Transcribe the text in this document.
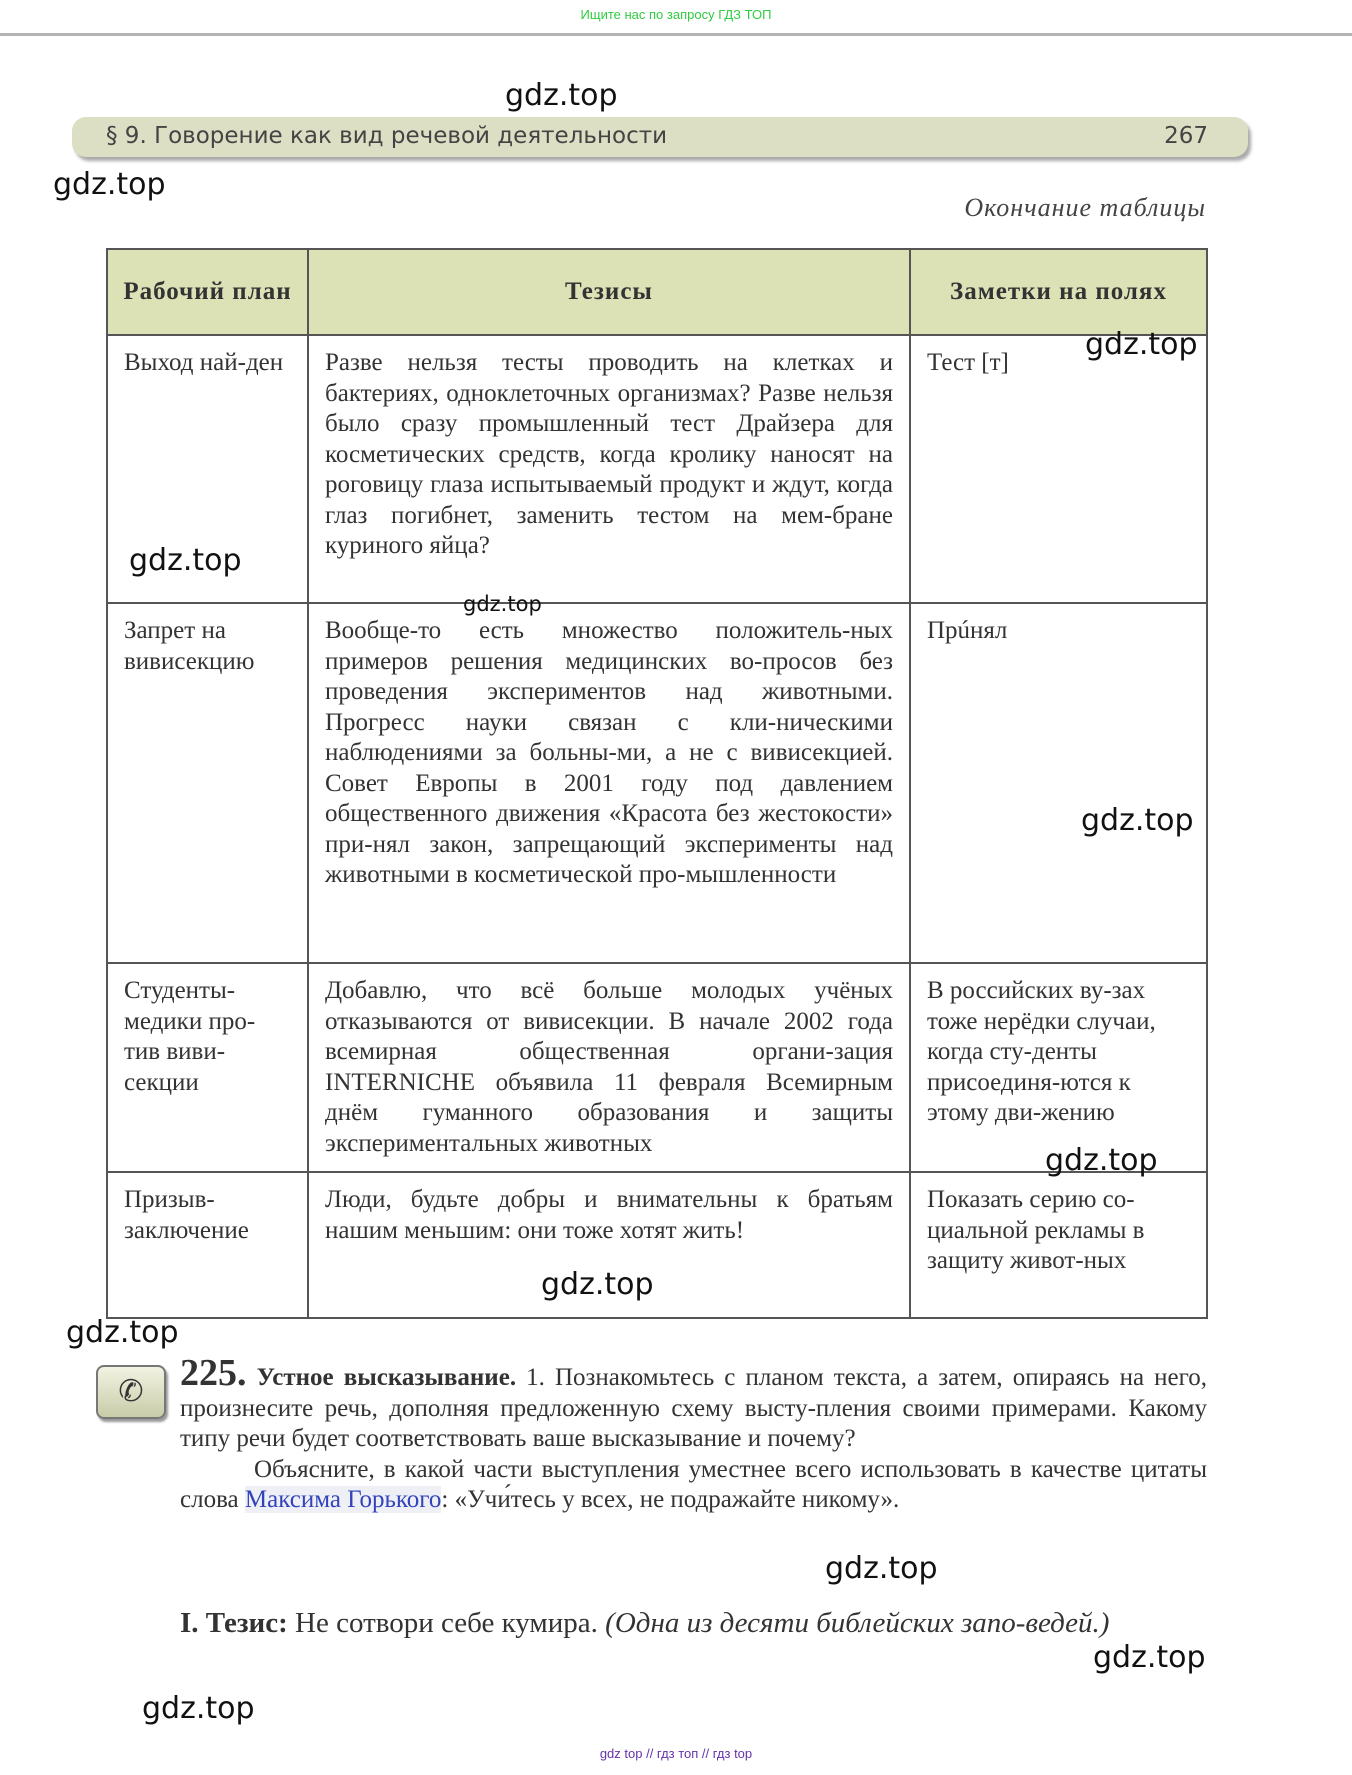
Ищите нас по запросу ГДЗ ТОП
§ 9. Говорение как вид речевой деятельности	267
Окончание таблицы
Рабочий план	Тезисы	Заметки на полях
Выход най-ден	Разве нельзя тесты проводить на клетках и бактериях, одноклеточных организмах? Разве нельзя было сразу промышленный тест Драйзера для косметических средств, когда кролику наносят на роговицу глаза испытываемый продукт и ждут, когда глаз погибнет, заменить тестом на мем-бране куриного яйца?	Тест [т]
Запрет на вивисекцию	Вообще-то есть множество положитель-ных примеров решения медицинских во-просов без проведения экспериментов над животными. Прогресс науки связан с кли-ническими наблюдениями за больны-ми, а не с вивисекцией. Совет Европы в 2001 году под давлением общественного движения «Красота без жестокости» при-нял закон, запрещающий эксперименты над животными в косметической про-мышленности	Прúнял
Студенты-медики про-тив виви-секции	Добавлю, что всё больше молодых учёных отказываются от вивисекции. В начале 2002 года всемирная общественная органи-зация INTERNICHE объявила 11 февраля Всемирным днём гуманного образования и защиты экспериментальных животных	В российских ву-зах тоже нерёдки случаи, когда сту-денты присоединя-ются к этому дви-жению
Призыв-заключение	Люди, будьте добры и внимательны к братьям нашим меньшим: они тоже хотят жить!	Показать серию со-циальной рекламы в защиту живот-ных
✆ 225. Устное высказывание. 1. Познакомьтесь с планом текста, а затем, опираясь на него, произнесите речь, дополняя предложенную схему высту-пления своими примерами. Какому типу речи будет соответствовать ваше высказывание и почему?
Объясните, в какой части выступления уместнее всего использовать в качестве цитаты слова Максима Горького: «Учи́тесь у всех, не подражайте никому».
I. Тезис: Не сотвори себе кумира. (Одна из десяти библейских запо-ведей.)
gdz.top
gdz.top
gdz.top
gdz.top
gdz.top
gdz.top
gdz.top
gdz.top
gdz.top
gdz.top
gdz.top
gdz.top
gdz top // гдз топ // гдз top
